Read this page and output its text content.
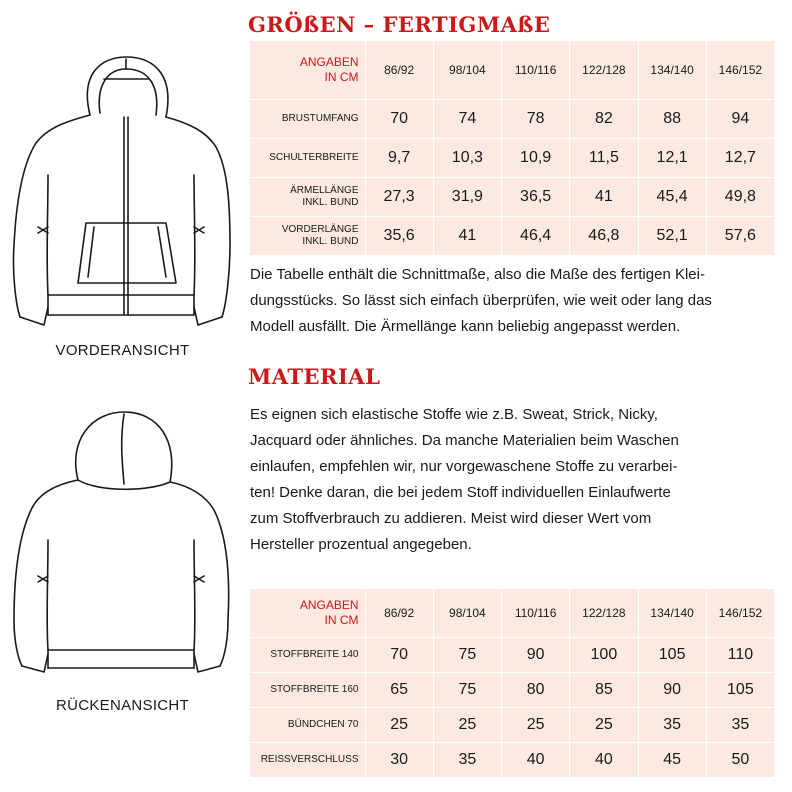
VORDERANSICHT
RÜCKENANSICHT
GRÖßEN – FERTIGMAßE
ANGABEN
IN CM	86/92	98/104	110/116	122/128	134/140	146/152
BRUSTUMFANG	70	74	78	82	88	94
SCHULTERBREITE	9,7	10,3	10,9	11,5	12,1	12,7
ÄRMELLÄNGE
INKL. BUND	27,3	31,9	36,5	41	45,4	49,8
VORDERLÄNGE
INKL. BUND	35,6	41	46,4	46,8	52,1	57,6
Die Tabelle enthält die Schnittmaße, also die Maße des fertigen Klei-
dungsstücks. So lässt sich einfach überprüfen, wie weit oder lang das
Modell ausfällt. Die Ärmellänge kann beliebig angepasst werden.
MATERIAL
Es eignen sich elastische Stoffe wie z.B. Sweat, Strick, Nicky,
Jacquard oder ähnliches. Da manche Materialien beim Waschen
einlaufen, empfehlen wir, nur vorgewaschene Stoffe zu verarbei-
ten! Denke daran, die bei jedem Stoff individuellen Einlaufwerte
zum Stoffverbrauch zu addieren. Meist wird dieser Wert vom
Hersteller prozentual angegeben.
ANGABEN
IN CM	86/92	98/104	110/116	122/128	134/140	146/152
STOFFBREITE 140	70	75	90	100	105	110
STOFFBREITE 160	65	75	80	85	90	105
BÜNDCHEN 70	25	25	25	25	35	35
REISSVERSCHLUSS	30	35	40	40	45	50
